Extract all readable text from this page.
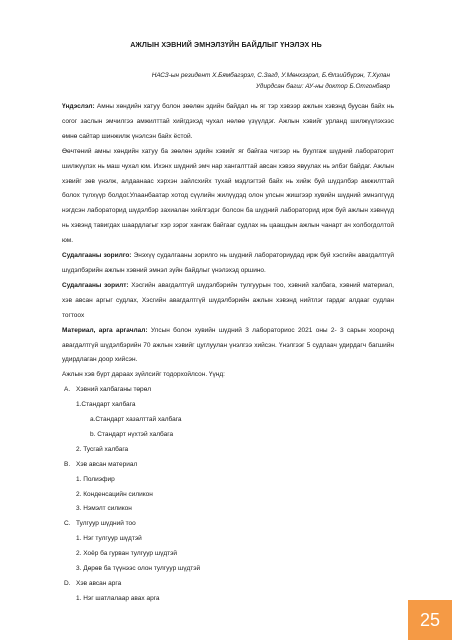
АЖЛЫН ХЭВНИЙ ЭМНЭЛЗҮЙН БАЙДЛЫГ ҮНЭЛЭХ НЬ
НАСЗ-ын резидент Х.Бямбагэрэл, С.Загд, У.Мөнхзэрэл, Б.Өлзийбүрэн, Т.Хулан
Удирдсан багш: АУ-ны доктор Б.Отгонбаяр

Үндэслэл: Амны хөндийн хатуу болон зөөлөн эдийн байдал нь яг тэр хэвээр ажлын хэвэнд буусан байх нь согог заслын эмчилгээ амжилттай хийгдэхэд чухал нөлөө үзүүлдэг. Ажлын хэвийг урланд шилжүүлэхээс өмнө сайтар шинжилж үнэлсэн байх ёстой.

Өөчтөний амны хөндийн хатуу ба зөөлөн эдийн хэвийг яг байгаа чигээр нь буулгаж шүдний лабораторит шилжүүлэх нь маш чухал юм. Ихэнх шүдний эмч нар хангалттай авсан хэвээ явуулах нь элбэг байдаг. Ажлын хэвийг зөв үнэлж, алдаанаас хэрхэн зайлсхийх тухай мэдлэгтэй байх нь хийж буй шүдэлбэр амжилттай болох түлхүүр болдог.Улаанбаатар хотод сүүлийн жилүүдэд олон улсын жишгээр хувийн шүдний эмнэлгүүд нэгдсэн лабораторид шүдэлбэр захиалан хийлгэдэг болсон ба шүдний лабораторид ирж буй ажлын хэвнүүд нь хэвэнд тавигдах шаардлагыг хэр зэрэг хангаж байгааг судлах нь цаашдын ажлын чанарт ач холбогдолтой юм.

Судалгааны зорилго: Энэхүү судалгааны зорилго нь шүдний лабораториудад ирж буй хэсгийн авагдалтгүй шүдэлбэрийн ажлын хэвний эмнэл зүйн байдлыг үнэлэхэд оршино.

Судалгааны зорилт: Хэсгийн авагдалтгүй шүдэлбэрийн тулгуурын тоо, хэвний халбага, хэвний материал, хэв авсан аргыг судлах, Хэсгийн авагдалтгүй шүдэлбэрийн ажлын хэвэнд нийтлэг гардаг алдааг судлан тогтоох

Материал, арга аргачлал: Улсын болон хувийн шүдний 3 лабораториос 2021 оны 2- 3 сарын хооронд авагдалтгүй шүдэлбэрийн 70 ажлын хэвийг цуглуулан үнэлгээ хийсэн. Үнэлгээг 5 судлаач удирдагч багшийн удирдлаган доор хийсэн.

Ажлын хэв бүрт дараах зүйлсийг тодорхойлсон. Үүнд:

A. Хэвний халбаганы төрөл
1.Стандарт халбага
a.Стандарт хазалттай халбага
b. Стандарт нүхтэй халбага
2. Тусгай халбага
B. Хэв авсан материал
1. Полиэфир
2. Конденсацийн силикон
3. Нэмэлт силикон
C. Тулгуур шүдний тоо
1. Нэг тулгуур шүдтэй
2. Хоёр ба гурван тулгуур шүдтэй
3. Дөрөв ба түүнээс олон тулгуур шүдтэй
D. Хэв авсан арга
1. Нэг шатлалаар авах арга
25
